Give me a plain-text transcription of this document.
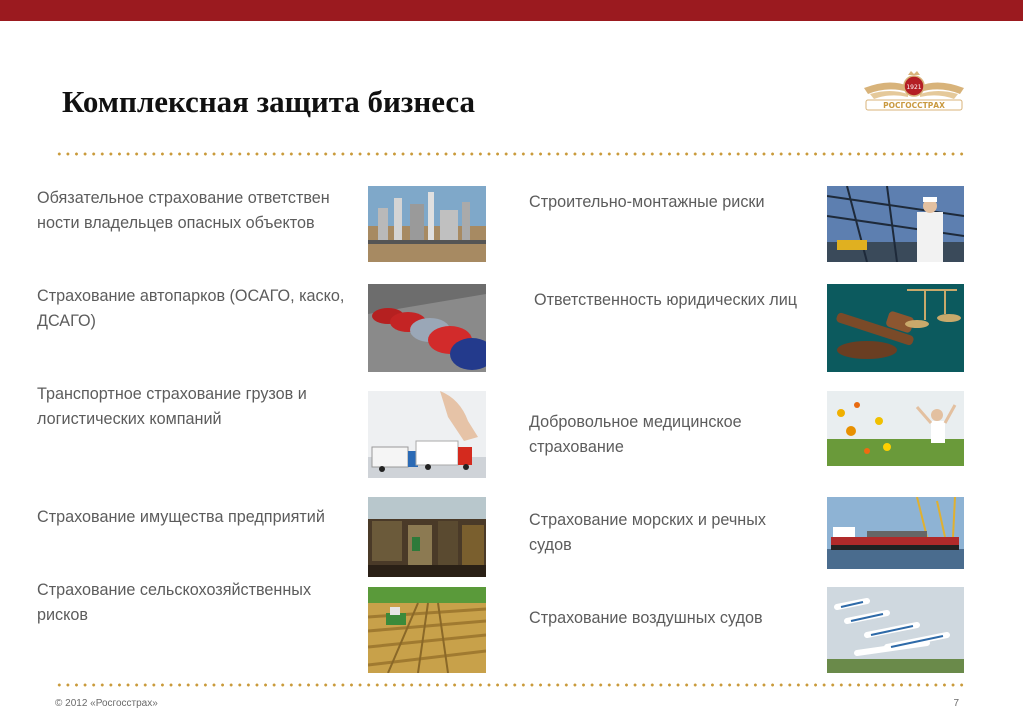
Комплексная защита бизнеса	1921
РОСГОССТРАХ
Обязательное страхование ответствен
ности владельцев опасных объектов
Страхование автопарков (ОСАГО, каско,
ДСАГО)
Транспортное страхование грузов и
логистических компаний
Страхование имущества предприятий
Страхование сельскохозяйственных
рисков
Строительно-монтажные риски
Ответственность юридических лиц
Добровольное медицинское
страхование
Страхование морских и речных
судов
Страхование воздушных судов
© 2012 «Росгосстрах»	7
